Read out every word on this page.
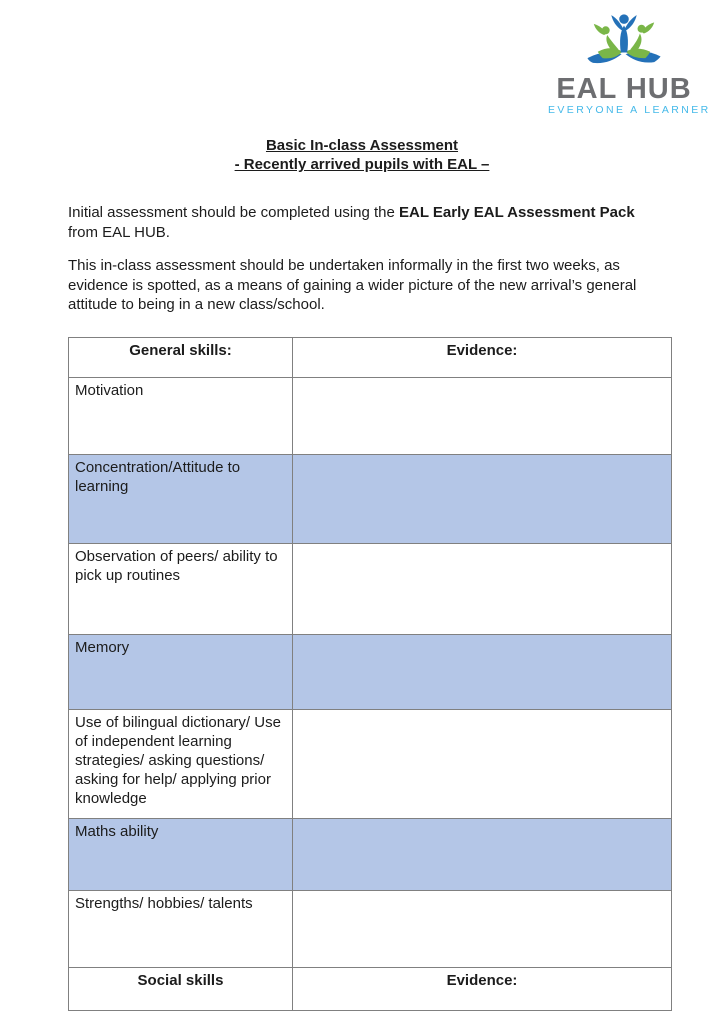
EAL HUB
EVERYONE A LEARNER
Basic In-class Assessment
- Recently arrived pupils with EAL –

Initial assessment should be completed using the EAL Early EAL Assessment Pack from EAL HUB.

This in-class assessment should be undertaken informally in the first two weeks, as evidence is spotted, as a means of gaining a wider picture of the new arrival’s general attitude to being in a new class/school.

General skills:	Evidence:
Motivation	
Concentration/Attitude to learning	
Observation of peers/ ability to pick up routines	
Memory	
Use of bilingual dictionary/ Use of independent learning strategies/ asking questions/ asking for help/ applying prior knowledge	
Maths ability	
Strengths/ hobbies/ talents	
Social skills	Evidence:
